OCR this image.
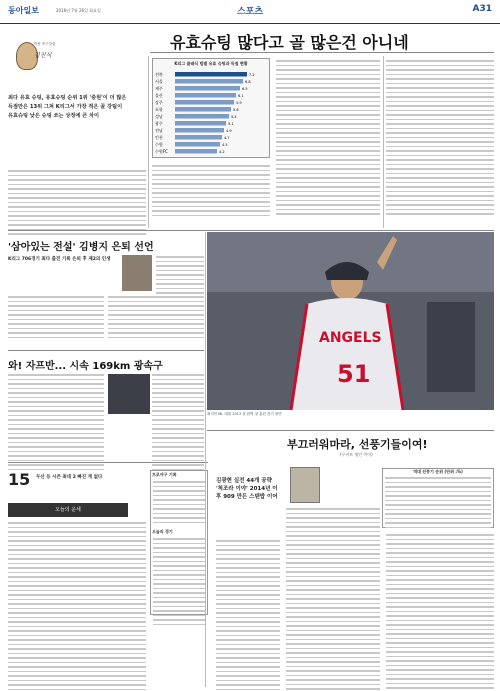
동아일보	2016년 7월 26일 화요일	스포츠	A31
박용 축구칼럼
김진식
유효슈팅 많다고 골 많은건 아니네
최다 유효 슈팅, 유효슈팅 순위 1위 '중원'이 더 많은 득점만은 13위 그쳐 K리그서 가장 적은 골 강팀이 유효슈팅 낮은 슈팅 쏘는 상정에 큰 차이
K리그 클래식 팀별 유효 슈팅과 득점 현황
전북	7.2
서울	6.8
제주	6.5
울산	6.1
상주	5.9
포항	5.6
성남	5.4
광주	5.1
전남	4.9
인천	4.7
수원	4.5
수원FC	4.2
'삼아있는 전설' 김병지 은퇴 선언
K리그 706경기 최다 출전 기록 은퇴 후 제2의 인생
와! 자프반... 시속 169km 광속구
ANGELS
51
최지만 ML 데뷔 2013 첫 완벽 첫 홈런 경기 장면
부끄러워마라, 선풍기들이여!
(무비트 명언 이어)
15 두산 등 시즌 최대 2 빠진 게 없다
오늘의 운세
프로야구 기록
오늘의 경기
김광현 실전 44개 공략 '척조라 이야' 2014년 이후 909 만든 스탠밥 이어
역대 선풍기 순위 (단위 :%)
